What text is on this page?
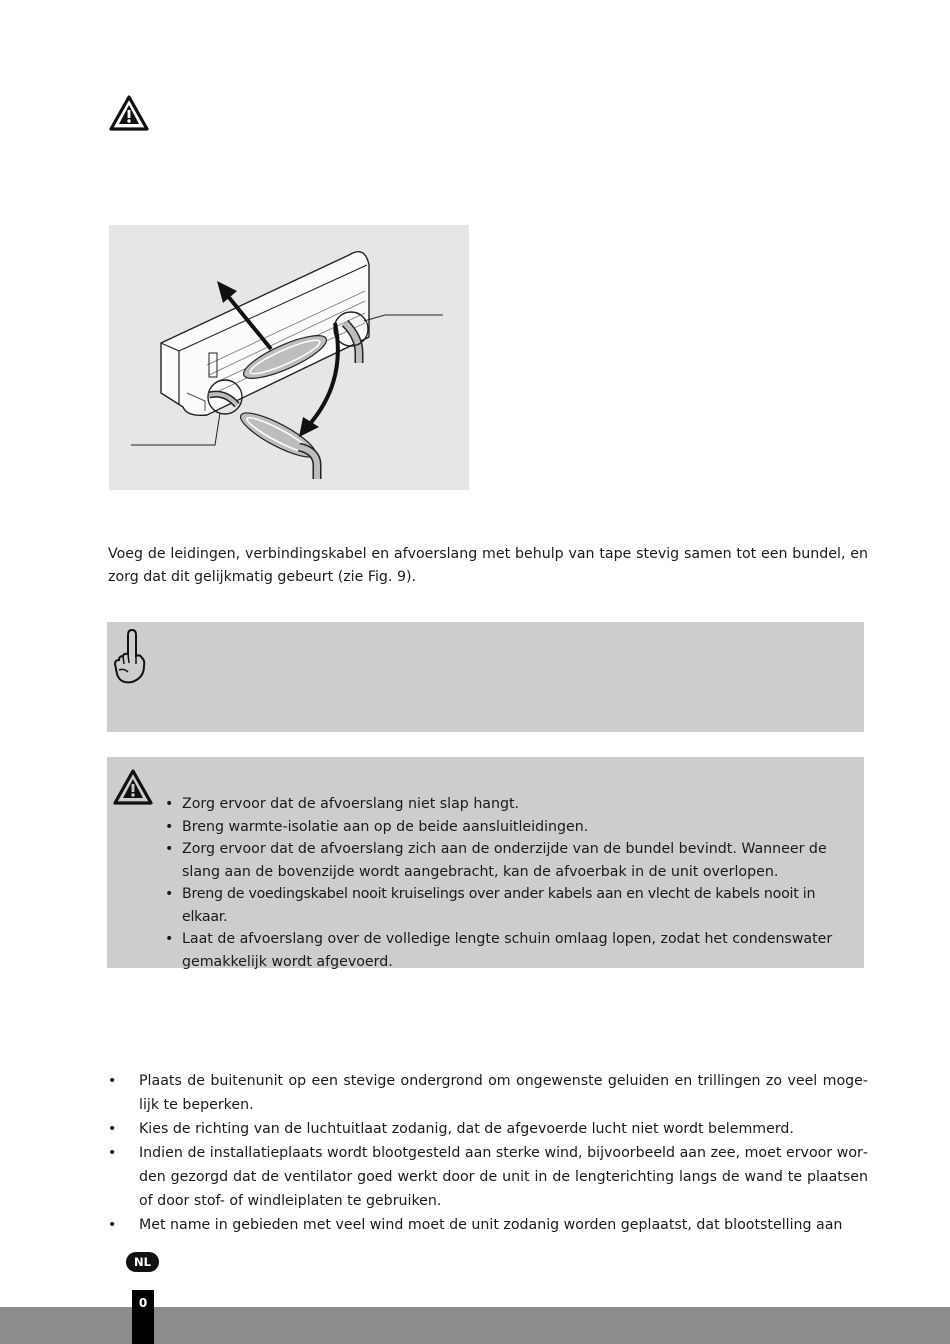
Voeg de leidingen, verbindingskabel en afvoerslang met behulp van tape stevig samen tot een bundel, en zorg dat dit gelijkmatig gebeurt (zie Fig. 9).
• Zorg ervoor dat de afvoerslang niet slap hangt.
• Breng warmte-isolatie aan op de beide aansluitleidingen.
• Zorg ervoor dat de afvoerslang zich aan de onderzijde van de bundel bevindt. Wanneer de slang aan de bovenzijde wordt aangebracht, kan de afvoerbak in de unit overlopen.
• Breng de voedingskabel nooit kruiselings over ander kabels aan en vlecht de kabels nooit in elkaar.
• Laat de afvoerslang over de volledige lengte schuin omlaag lopen, zodat het condenswater gemakkelijk wordt afgevoerd.
• Plaats de buitenunit op een stevige ondergrond om ongewenste geluiden en trillingen zo veel mogelijk te beperken.
• Kies de richting van de luchtuitlaat zodanig, dat de afgevoerde lucht niet wordt belemmerd.
• Indien de installatieplaats wordt blootgesteld aan sterke wind, bijvoorbeeld aan zee, moet ervoor worden gezorgd dat de ventilator goed werkt door de unit in de lengterichting langs de wand te plaatsen of door stof- of windleiplaten te gebruiken.
• Met name in gebieden met veel wind moet de unit zodanig worden geplaatst, dat blootstelling aan
NL
0
